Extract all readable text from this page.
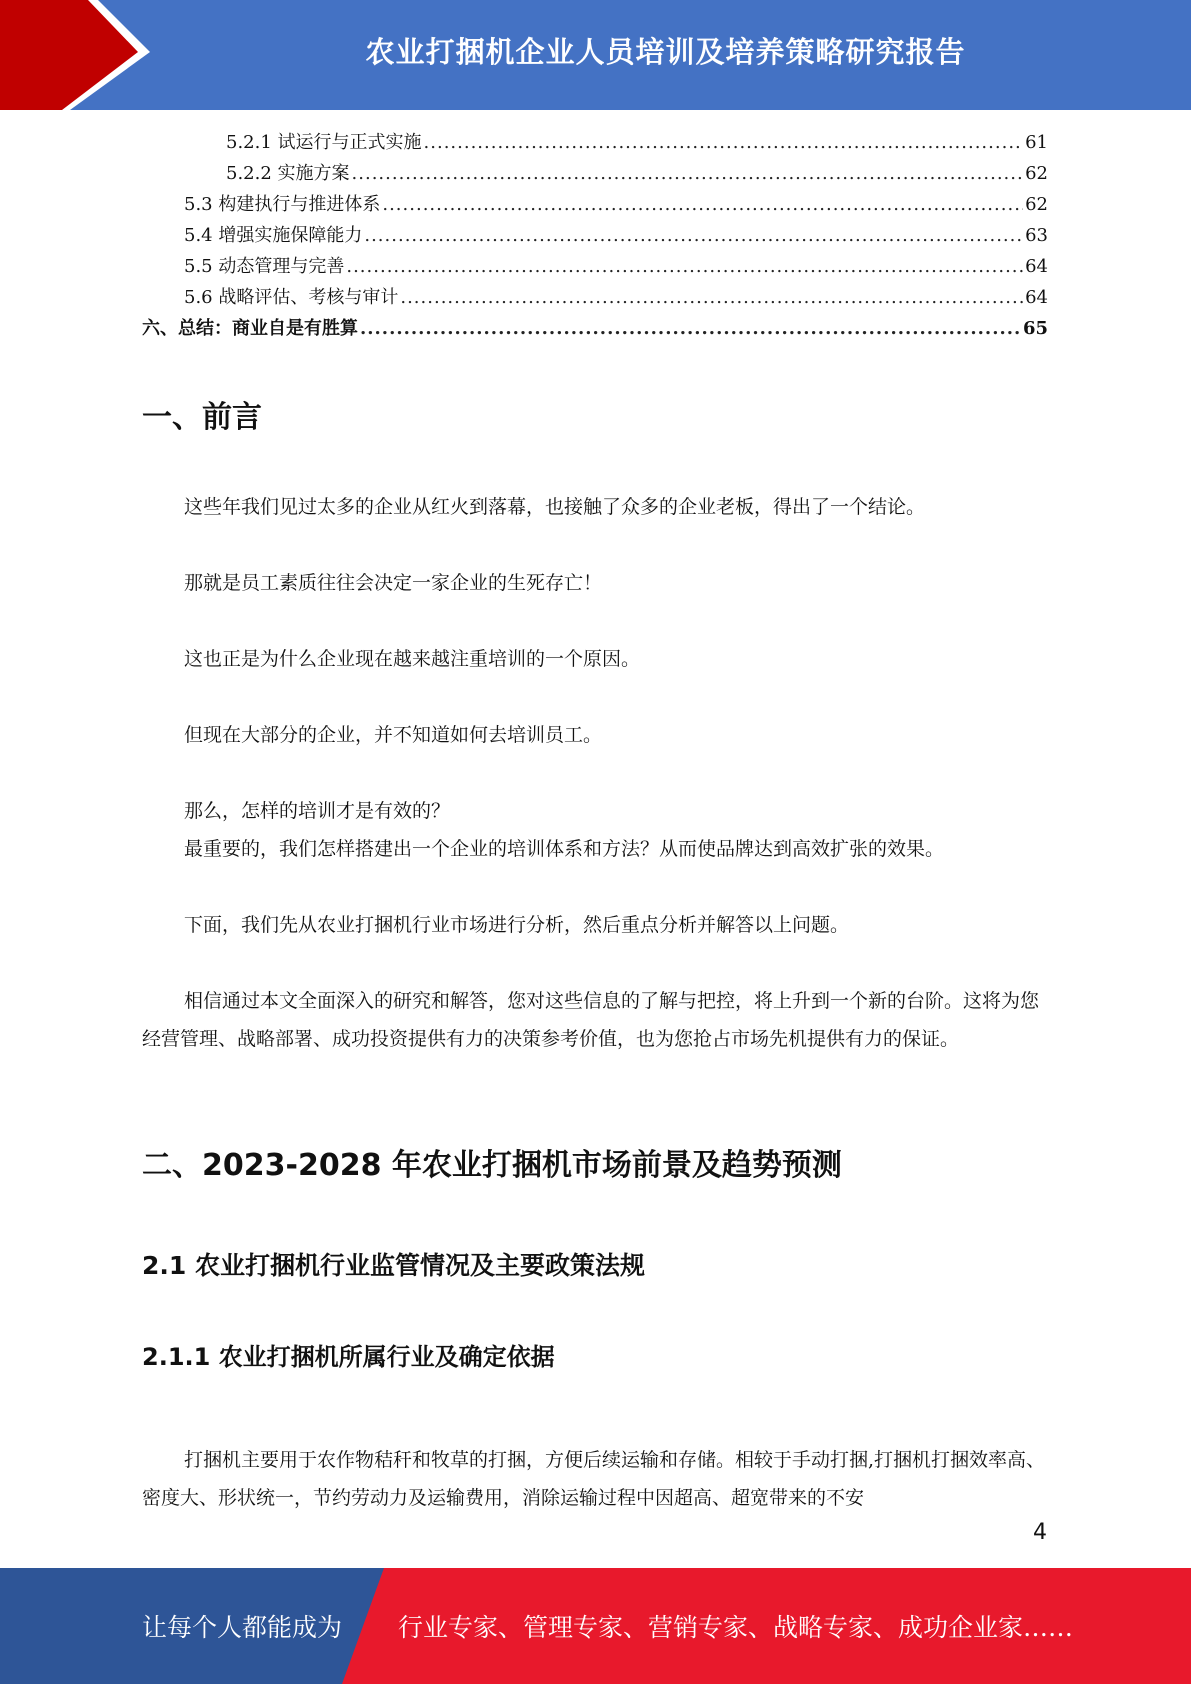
农业打捆机企业人员培训及培养策略研究报告
5.2.1 试运行与正式实施 .....	61
5.2.2 实施方案 .....	62
5.3 构建执行与推进体系 .....	62
5.4 增强实施保障能力 .....	63
5.5 动态管理与完善 .....	64
5.6 战略评估、考核与审计 .....	64
六、总结：商业自是有胜算 .....	65
一、前言
这些年我们见过太多的企业从红火到落幕，也接触了众多的企业老板，得出了一个结论。
那就是员工素质往往会决定一家企业的生死存亡！
这也正是为什么企业现在越来越注重培训的一个原因。
但现在大部分的企业，并不知道如何去培训员工。
那么，怎样的培训才是有效的？
最重要的，我们怎样搭建出一个企业的培训体系和方法？从而使品牌达到高效扩张的效果。
下面，我们先从农业打捆机行业市场进行分析，然后重点分析并解答以上问题。
相信通过本文全面深入的研究和解答，您对这些信息的了解与把控，将上升到一个新的台阶。这将为您经营管理、战略部署、成功投资提供有力的决策参考价值，也为您抢占市场先机提供有力的保证。
二、2023-2028 年农业打捆机市场前景及趋势预测
2.1 农业打捆机行业监管情况及主要政策法规
2.1.1 农业打捆机所属行业及确定依据
打捆机主要用于农作物秸秆和牧草的打捆，方便后续运输和存储。相较于手动打捆,打捆机打捆效率高、密度大、形状统一，节约劳动力及运输费用，消除运输过程中因超高、超宽带来的不安
4
让每个人都能成为 行业专家、管理专家、营销专家、战略专家、成功企业家……
